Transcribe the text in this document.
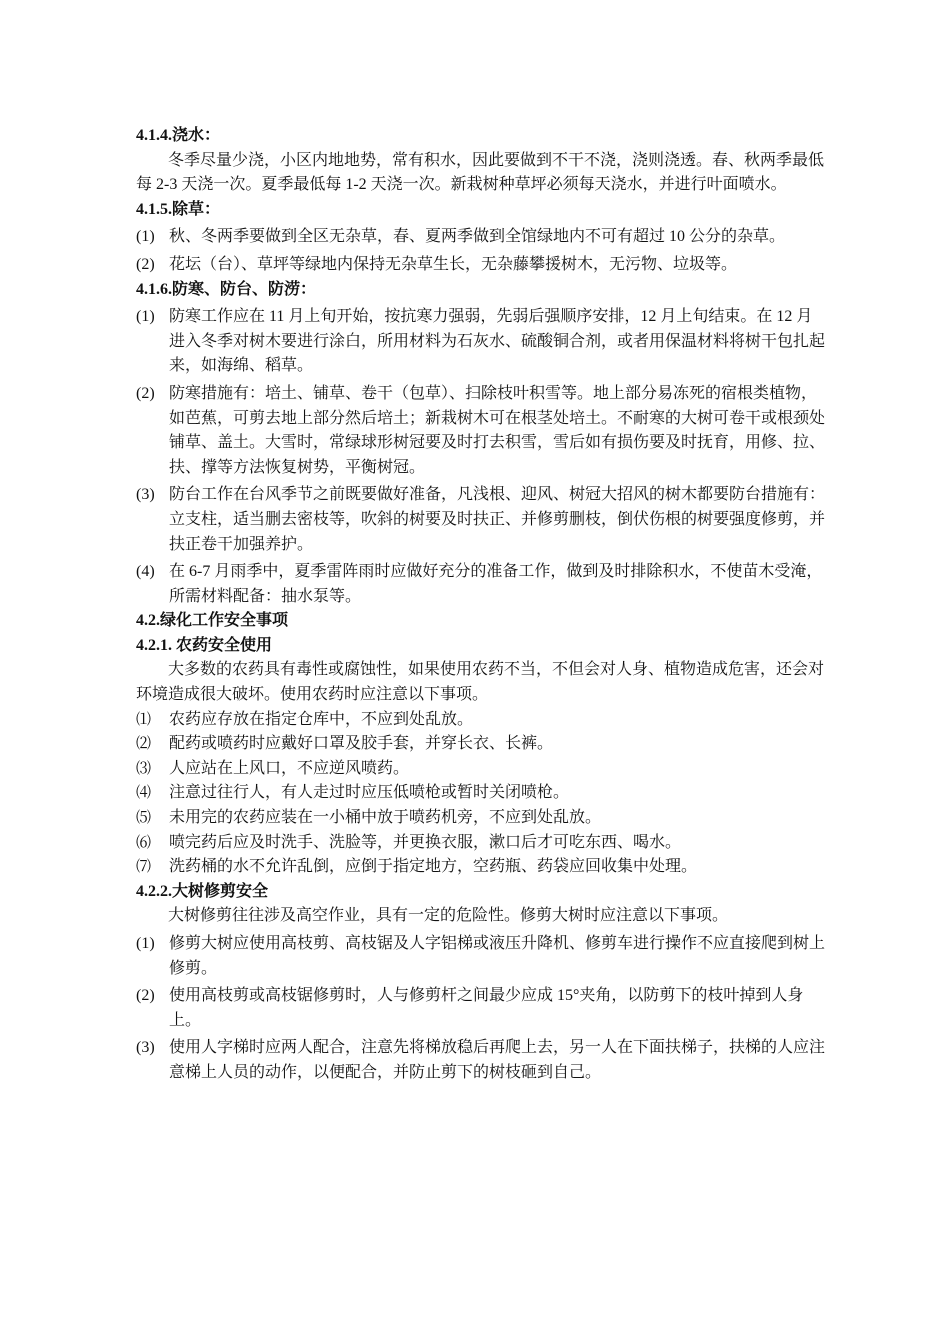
4.1.4.浇水：
冬季尽量少浇，小区内地地势，常有积水，因此要做到不干不浇，浇则浇透。春、秋两季最低每 2-3 天浇一次。夏季最低每 1-2 天浇一次。新栽树种草坪必须每天浇水，并进行叶面喷水。
4.1.5.除草：
(1) 秋、冬两季要做到全区无杂草，春、夏两季做到全馆绿地内不可有超过 10 公分的杂草。
(2) 花坛（台）、草坪等绿地内保持无杂草生长，无杂藤攀援树木，无污物、垃圾等。
4.1.6.防寒、防台、防涝：
(1) 防寒工作应在 11 月上旬开始，按抗寒力强弱，先弱后强顺序安排，12 月上旬结束。在 12 月进入冬季对树木要进行涂白，所用材料为石灰水、硫酸铜合剂，或者用保温材料将树干包扎起来，如海绵、稻草。
(2) 防寒措施有：培土、铺草、卷干（包草）、扫除枝叶积雪等。地上部分易冻死的宿根类植物，如芭蕉，可剪去地上部分然后培土；新栽树木可在根茎处培土。不耐寒的大树可卷干或根颈处铺草、盖土。大雪时，常绿球形树冠要及时打去积雪，雪后如有损伤要及时抚育，用修、拉、扶、撑等方法恢复树势，平衡树冠。
(3) 防台工作在台风季节之前既要做好准备，凡浅根、迎风、树冠大招风的树木都要防台措施有：立支柱，适当删去密枝等，吹斜的树要及时扶正、并修剪删枝，倒伏伤根的树要强度修剪，并扶正卷干加强养护。
(4) 在 6-7 月雨季中，夏季雷阵雨时应做好充分的准备工作，做到及时排除积水，不使苗木受淹，所需材料配备：抽水泵等。
4.2.绿化工作安全事项
4.2.1. 农药安全使用
大多数的农药具有毒性或腐蚀性，如果使用农药不当，不但会对人身、植物造成危害，还会对环境造成很大破坏。使用农药时应注意以下事项。
⑴	农药应存放在指定仓库中，不应到处乱放。
⑵	配药或喷药时应戴好口罩及胶手套，并穿长衣、长裤。
⑶	人应站在上风口，不应逆风喷药。
⑷	注意过往行人，有人走过时应压低喷枪或暂时关闭喷枪。
⑸	未用完的农药应装在一小桶中放于喷药机旁，不应到处乱放。
⑹	喷完药后应及时洗手、洗脸等，并更换衣服，漱口后才可吃东西、喝水。
⑺	洗药桶的水不允许乱倒，应倒于指定地方，空药瓶、药袋应回收集中处理。
4.2.2.大树修剪安全
大树修剪往往涉及高空作业，具有一定的危险性。修剪大树时应注意以下事项。
(1) 修剪大树应使用高枝剪、高枝锯及人字铝梯或液压升降机、修剪车进行操作不应直接爬到树上修剪。
(2) 使用高枝剪或高枝锯修剪时，人与修剪杆之间最少应成 15°夹角，以防剪下的枝叶掉到人身上。
(3) 使用人字梯时应两人配合，注意先将梯放稳后再爬上去，另一人在下面扶梯子，扶梯的人应注意梯上人员的动作，以便配合，并防止剪下的树枝砸到自己。
